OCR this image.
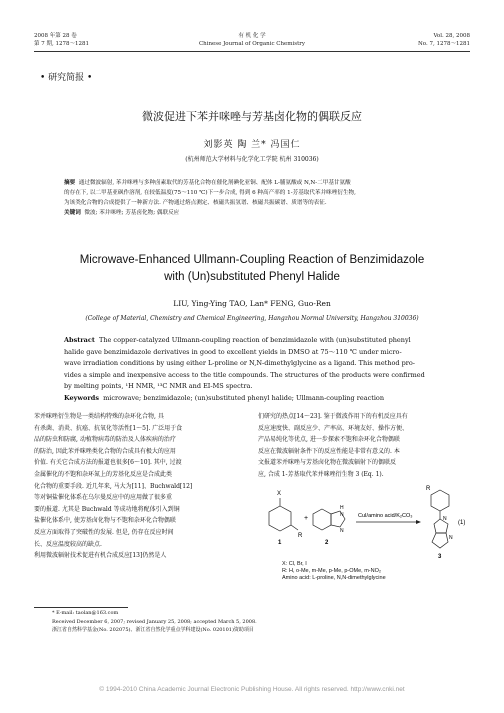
2008 年第 28 卷
第 7 期, 1278～1281
有 机 化 学
Chinese Journal of Organic Chemistry
Vol. 28, 2008
No. 7, 1278～1281
• 研究简报 •
微波促进下苯并咪唑与芳基卤化物的偶联反应
刘影英 陶 兰* 冯国仁
(杭州师范大学材料与化学化工学院 杭州 310036)
摘要 通过微波辐射, 苯并咪唑与多种卤素取代的芳基化合物在催化剂碘化亚铜、配体 L-脯氨酸或 N,N-二甲基甘氨酸
的存在下, 以二甲基亚砜作溶剂, 在较低温度(75～110 ℃)下一步合成, 得到 6 种高产率的 1-芳基取代苯并咪唑衍生物,
为该类化合物的合成提供了一种新方法. 产物通过熔点测定、核磁共振氢谱、核磁共振碳谱、质谱等的表征.
关键词 微波; 苯并咪唑; 芳基卤化物; 偶联反应
Microwave-Enhanced Ullmann-Coupling Reaction of Benzimidazole
with (Un)substituted Phenyl Halide
LIU, Ying-Ying TAO, Lan* FENG, Guo-Ren
(College of Material, Chemistry and Chemical Engineering, Hangzhou Normal University, Hangzhou 310036)
Abstract The copper-catalyzed Ullmann-coupling reaction of benzimidazole with (un)substituted phenyl
halide gave benzimidazole derivatives in good to excellent yields in DMSO at 75～110 ℃ under micro-
wave irradiation conditions by using either L-proline or N,N-dimethylglycine as a ligand. This method pro-
vides a simple and inexpensive access to the title compounds. The structures of the products were confirmed
by melting points, ¹H NMR, ¹³C NMR and EI-MS spectra.
Keywords microwave; benzimidazole; (un)substituted phenyl halide; Ullmann-coupling reaction
苯并咪唑衍生物是一类结构特殊的杂环化合物, 具
有杀菌、消炎、抗癌、抗氧化等活性[1～5]. 广泛用于食
品的防虫和防腐, 动植物病毒的防治及人体疾病的治疗
的防治, 因此苯并咪唑类化合物的合成具有极大的应用
价值. 有关它合成方法的报道也很多[6～10]. 其中, 过渡
金属催化的不饱和杂环氮上的芳基化反应是合成此类
化合物的重要手段. 近几年来, 马大为[11]、Buchwald[12]
等对铜盐催化体系在乌尔曼反应中的应用做了很多重
要的报道. 尤其是 Buchwald 等成功地将配体引入到铜
盐催化体系中, 使芳基卤化物与不饱和杂环化合物偶联
反应方面取得了突破性的发展. 但是, 仍存在反应时间
长、反应温度较高的缺点.
利用微波辐射技术促进有机合成反应[13]仍然是人
们研究的热点[14～23]. 鉴于微波作用下的有机反应具有
反应速度快、副反应少、产率高、环境友好、操作方便、
产品易纯化等优点, 进一步探索不饱和杂环化合物偶联
反应在微波辐射条件下的反应性能是非常有意义的. 本
文报道苯并咪唑与芳基卤化物在微波辐射下的偶联反
应, 合成 1-芳基取代苯并咪唑衍生物 3 (Eq. 1).
X
R
1
+
H
N
N
2
CuI/amino acid/K₂CO₃
R
N
N
3
(1)
X: Cl, Br, I
R: H, o-Me, m-Me, p-Me, p-OMe, m-NO₂
Amino acid: L-proline, N,N-dimethylglycine
* E-mail: taolan@163.com
Received December 6, 2007; revised January 25, 2008; accepted March 5, 2008.
浙江省自然科学基金(No. 202075)、浙江省自然化学重点学科建设(No. 020101)资助项目
© 1994-2010 China Academic Journal Electronic Publishing House. All rights reserved. http://www.cnki.net
